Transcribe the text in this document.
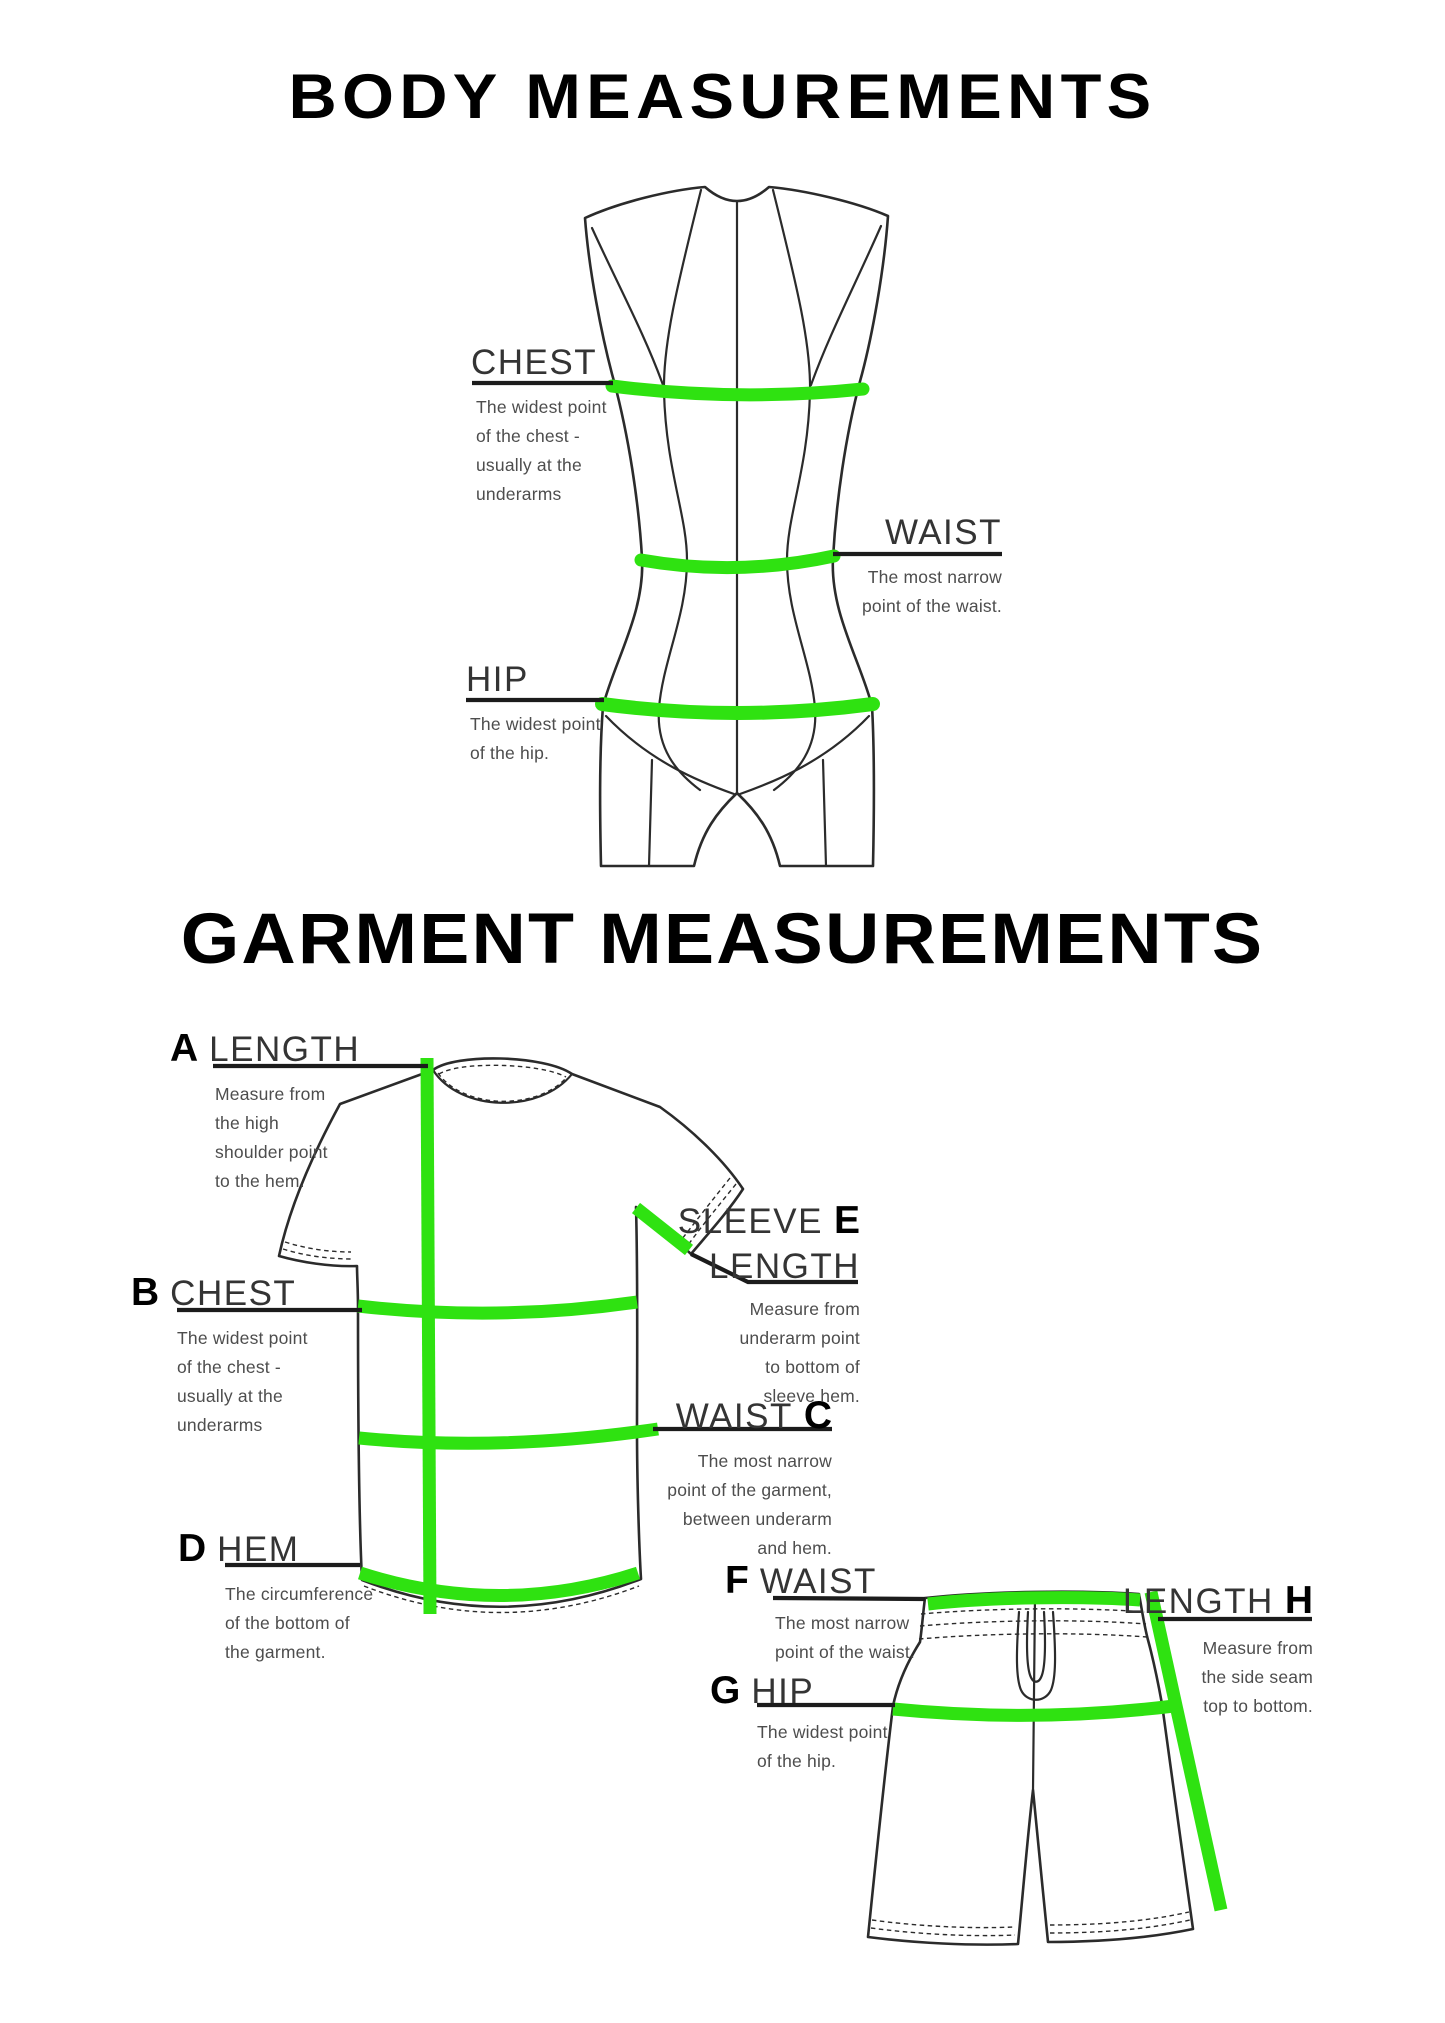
BODY MEASUREMENTS
GARMENT MEASUREMENTS
CHEST
The widest point
of the chest -
usually at the
underarms
WAIST
The most narrow
point of the waist.
HIP
The widest point
of the hip.
A LENGTH
Measure from
the high
shoulder point
to the hem.
B CHEST
The widest point
of the chest -
usually at the
underarms	WAIST C
The most narrow
point of the garment,
between underarm
and hem.
D HEM
The circumference
of the bottom of
the garment.
SLEEVE E
LENGTH
Measure from
underarm point
to bottom of
sleeve hem.
F WAIST
The most narrow
point of the waist.
G HIP
The widest point
of the hip.
LENGTH H
Measure from
the side seam
top to bottom.
